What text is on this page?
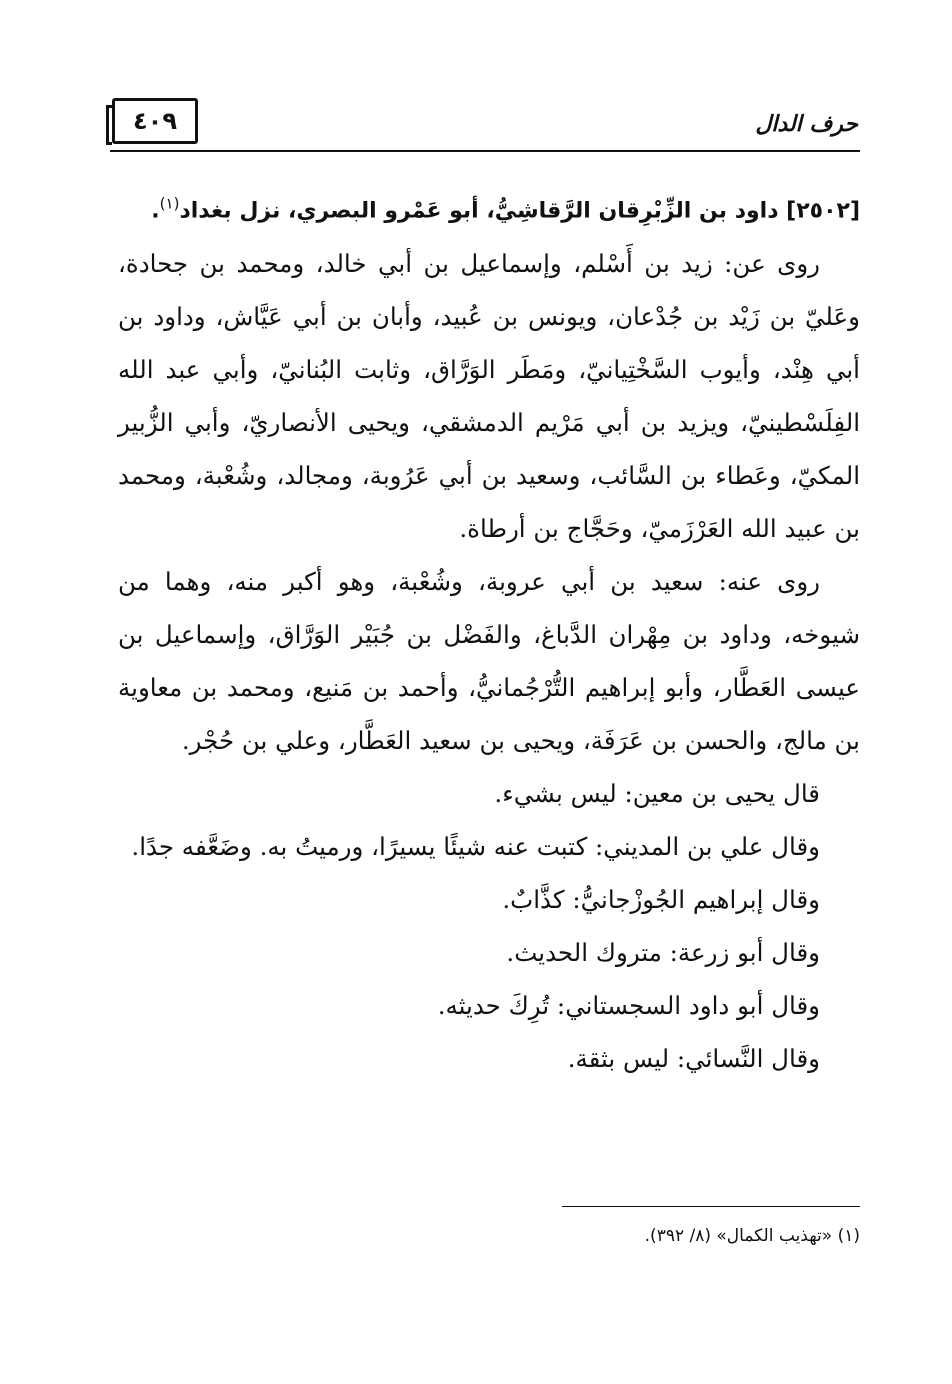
٤٠٩	حرف الدال

[٢٥٠٢] داود بن الزِّبْرِقان الرَّقاشِيُّ، أبو عَمْرو البصري، نزل بغداد$^{(١)}$.

روى عن: زيد بن أَسْلم، وإسماعيل بن أبي خالد، ومحمد بن جحادة، وعَليّ بن زَيْد بن جُدْعان، ويونس بن عُبيد، وأبان بن أبي عَيَّاش، وداود بن أبي هِنْد، وأيوب السَّخْتِيانيّ، ومَطَر الوَرَّاق، وثابت البُنانيّ، وأبي عبد الله الفِلَسْطينيّ، ويزيد بن أبي مَرْيم الدمشقي، ويحيى الأنصاريّ، وأبي الزُّبير المكيّ، وعَطاء بن السَّائب، وسعيد بن أبي عَرُوبة، ومجالد، وشُعْبة، ومحمد بن عبيد الله العَرْزَميّ، وحَجَّاج بن أرطاة.

روى عنه: سعيد بن أبي عروبة، وشُعْبة، وهو أكبر منه، وهما من شيوخه، وداود بن مِهْران الدَّباغ، والفَضْل بن جُبَيْر الوَرَّاق، وإسماعيل بن عيسى العَطَّار، وأبو إبراهيم التُّرْجُمانيُّ، وأحمد بن مَنيع، ومحمد بن معاوية بن مالج، والحسن بن عَرَفَة، ويحيى بن سعيد العَطَّار، وعلي بن حُجْر.

قال يحيى بن معين: ليس بشيء.

وقال علي بن المديني: كتبت عنه شيئًا يسيرًا، ورميتُ به. وضَعَّفه جدًا.

وقال إبراهيم الجُوزْجانيُّ: كذَّابٌ.

وقال أبو زرعة: متروك الحديث.

وقال أبو داود السجستاني: تُرِكَ حديثه.

وقال النَّسائي: ليس بثقة.

(١) «تهذيب الكمال» (٨/ ٣٩٢).
